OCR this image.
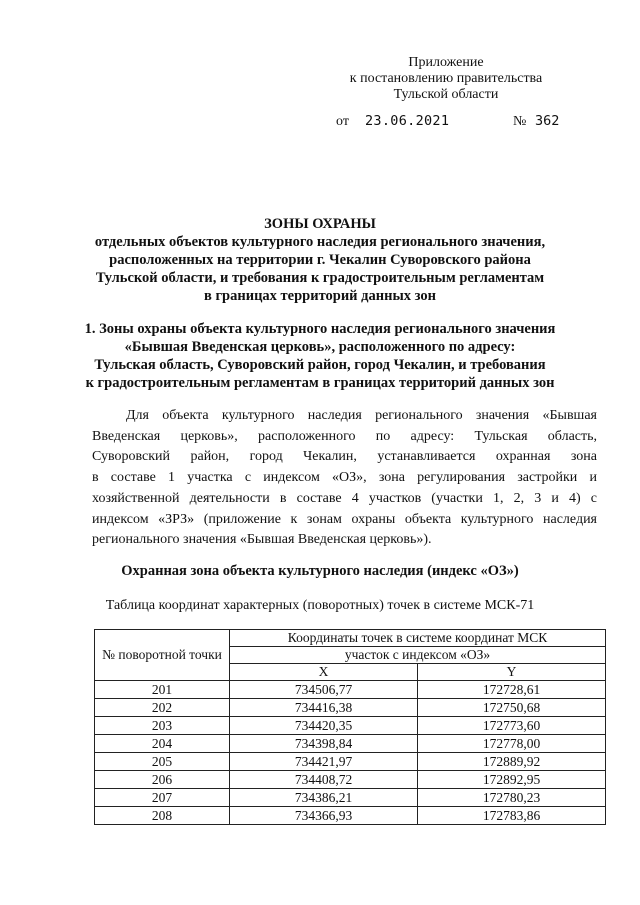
Приложение
к постановлению правительства
Тульской области
от 23.06.2021	№ 362
ЗОНЫ ОХРАНЫ
отдельных объектов культурного наследия регионального значения,
расположенных на территории г. Чекалин Суворовского района
Тульской области, и требования к градостроительным регламентам
в границах территорий данных зон
1. Зоны охраны объекта культурного наследия регионального значения
«Бывшая Введенская церковь», расположенного по адресу:
Тульская область, Суворовский район, город Чекалин, и требования
к градостроительным регламентам в границах территорий данных зон
Для объекта культурного наследия регионального значения «Бывшая
Введенская церковь», расположенного по адресу: Тульская область,
Суворовский район, город Чекалин, устанавливается охранная зона
в составе 1 участка с индексом «ОЗ», зона регулирования застройки и
хозяйственной деятельности в составе 4 участков (участки 1, 2, 3 и 4) с
индексом «ЗРЗ» (приложение к зонам охраны объекта культурного наследия
регионального значения «Бывшая Введенская церковь»).
Охранная зона объекта культурного наследия (индекс «ОЗ»)
Таблица координат характерных (поворотных) точек в системе МСК-71
№ поворотной точки	Координаты точек в системе координат МСК	
	участок с индексом «ОЗ»	
	X	Y
201	734506,77	172728,61
202	734416,38	172750,68
203	734420,35	172773,60
204	734398,84	172778,00
205	734421,97	172889,92
206	734408,72	172892,95
207	734386,21	172780,23
208	734366,93	172783,86
